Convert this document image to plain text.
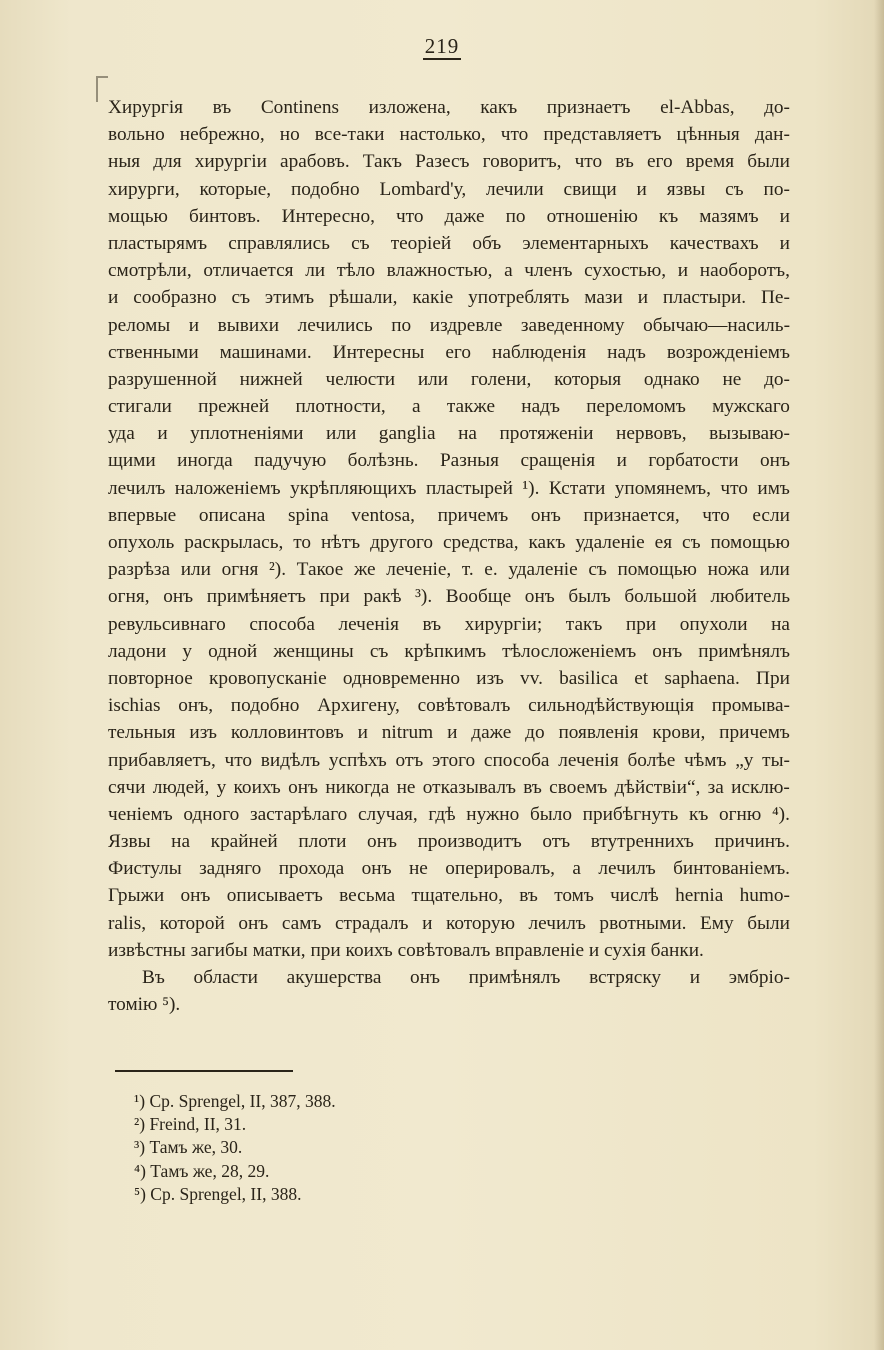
219
Хирургія въ Continens изложена, какъ признаетъ el-Abbas, до-
вольно небрежно, но все-таки настолько, что представляетъ цѣнныя дан-
ныя для хирургіи арабовъ. Такъ Разесъ говоритъ, что въ его время были
хирурги, которые, подобно Lombard'у, лечили свищи и язвы съ по-
мощью бинтовъ. Интересно, что даже по отношенію къ мазямъ и
пластырямъ справлялись съ теоріей объ элементарныхъ качествахъ и
смотрѣли, отличается ли тѣло влажностью, а членъ сухостью, и наоборотъ,
и сообразно съ этимъ рѣшали, какіе употреблять мази и пластыри. Пе-
реломы и вывихи лечились по издревле заведенному обычаю—насиль-
ственными машинами. Интересны его наблюденія надъ возрожденіемъ
разрушенной нижней челюсти или голени, которыя однако не до-
стигали прежней плотности, а также надъ переломомъ мужскаго
уда и уплотненіями или ganglia на протяженіи нервовъ, вызываю-
щими иногда падучую болѣзнь. Разныя сращенія и горбатости онъ
лечилъ наложеніемъ укрѣпляющихъ пластырей ¹). Кстати упомянемъ, что имъ
впервые описана spina ventosa, причемъ онъ признается, что если
опухоль раскрылась, то нѣтъ другого средства, какъ удаленіе ея съ помощью
разрѣза или огня ²). Такое же леченіе, т. е. удаленіе съ помощью ножа или
огня, онъ примѣняетъ при ракѣ ³). Вообще онъ былъ большой любитель
ревульсивнаго способа леченія въ хирургіи; такъ при опухоли на
ладони у одной женщины съ крѣпкимъ тѣлосложеніемъ онъ примѣнялъ
повторное кровопусканіе одновременно изъ vv. basilica et saphaena. При
ischias онъ, подобно Архигену, совѣтовалъ сильнодѣйствующія промыва-
тельныя изъ колловинтовъ и nitrum и даже до появленія крови, причемъ
прибавляетъ, что видѣлъ успѣхъ отъ этого способа леченія болѣе чѣмъ „у ты-
сячи людей, у коихъ онъ никогда не отказывалъ въ своемъ дѣйствіи“, за исклю-
ченіемъ одного застарѣлаго случая, гдѣ нужно было прибѣгнуть къ огню ⁴).
Язвы на крайней плоти онъ производитъ отъ втутреннихъ причинъ.
Фистулы задняго прохода онъ не оперировалъ, а лечилъ бинтованіемъ.
Грыжи онъ описываетъ весьма тщательно, въ томъ числѣ hernia humo-
ralis, которой онъ самъ страдалъ и которую лечилъ рвотными. Ему были
извѣстны загибы матки, при коихъ совѣтовалъ вправленіе и сухія банки.
Въ области акушерства онъ примѣнялъ встряску и эмбріо-
томію ⁵).
¹) Cp. Sprengel, II, 387, 388.
²) Freind, II, 31.
³) Тамъ же, 30.
⁴) Тамъ же, 28, 29.
⁵) Cp. Sprengel, II, 388.
